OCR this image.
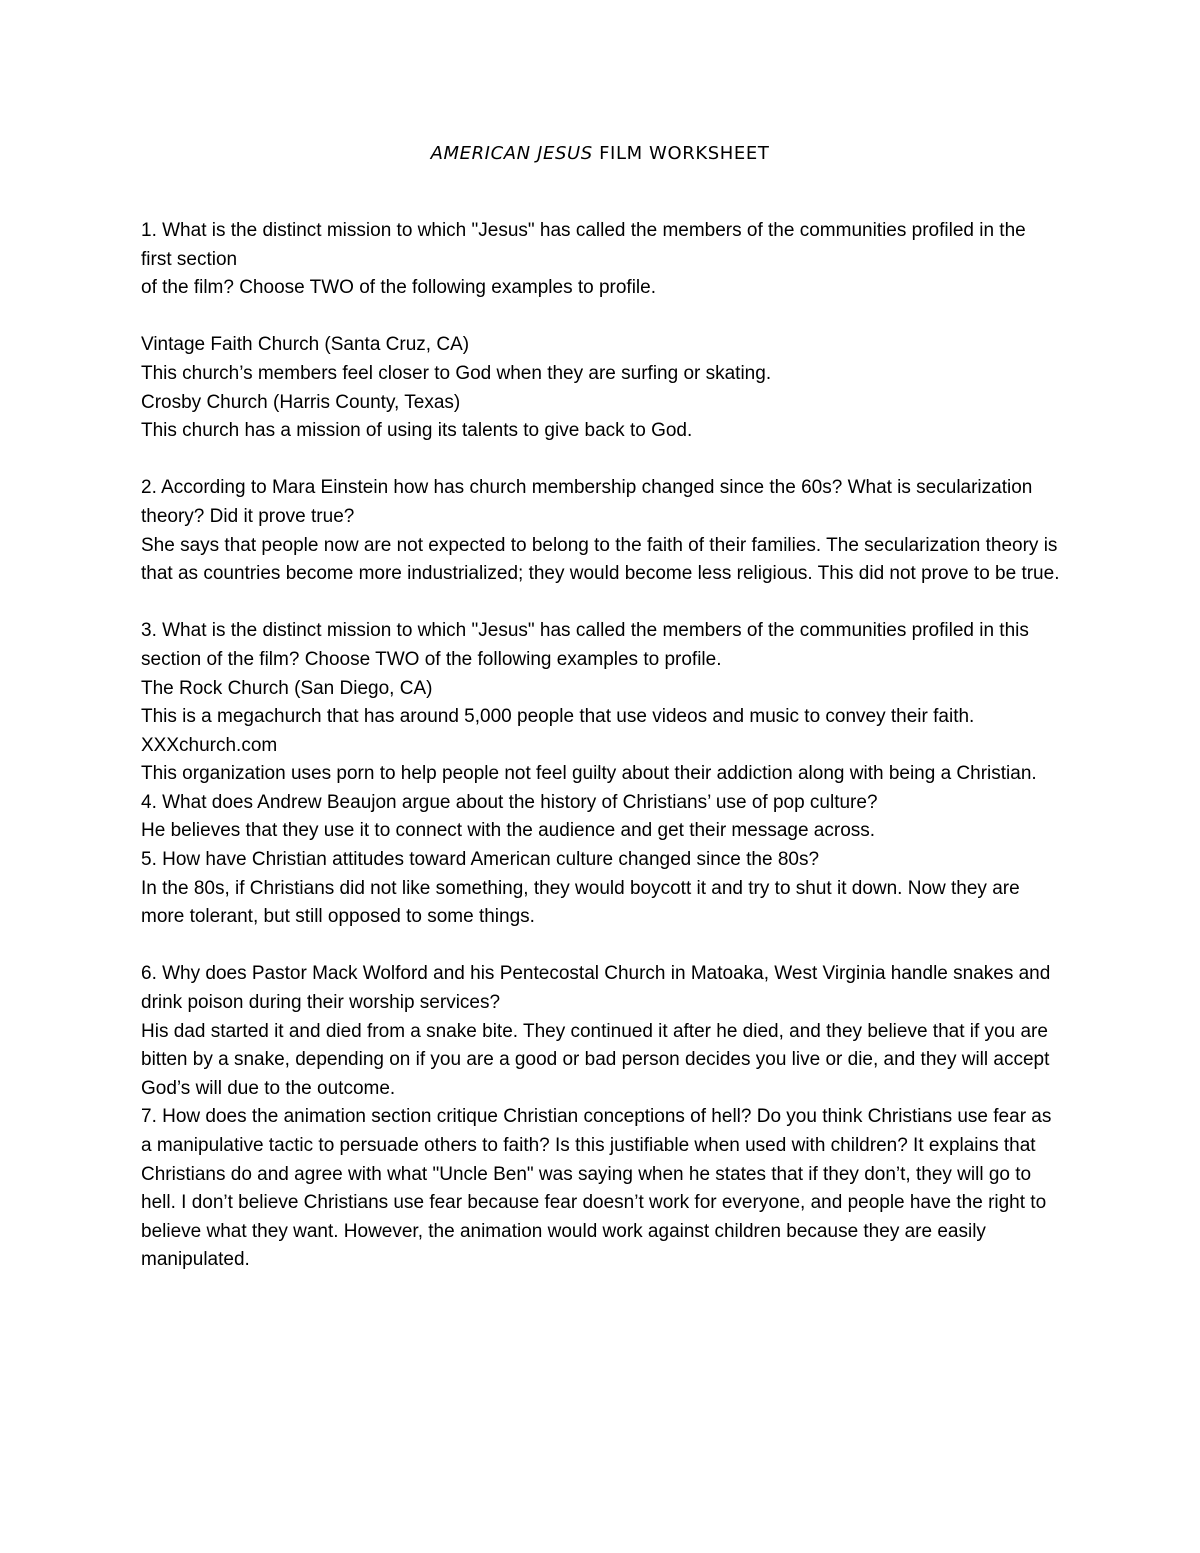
AMERICAN JESUS FILM WORKSHEET

1. What is the distinct mission to which "Jesus" has called the members of the communities profiled in the first section

of the film? Choose TWO of the following examples to profile.

Vintage Faith Church (Santa Cruz, CA)

This church’s members feel closer to God when they are surfing or skating.

Crosby Church (Harris County, Texas)

This church has a mission of using its talents to give back to God.

2. According to Mara Einstein how has church membership changed since the 60s? What is secularization theory? Did it prove true?

She says that people now are not expected to belong to the faith of their families. The secularization theory is that as countries become more industrialized; they would become less religious. This did not prove to be true.

3. What is the distinct mission to which "Jesus" has called the members of the communities profiled in this section of the film? Choose TWO of the following examples to profile.

The Rock Church (San Diego, CA)

This is a megachurch that has around 5,000 people that use videos and music to convey their faith.

XXXchurch.com

This organization uses porn to help people not feel guilty about their addiction along with being a Christian.

4. What does Andrew Beaujon argue about the history of Christians’ use of pop culture?

He believes that they use it to connect with the audience and get their message across.

5. How have Christian attitudes toward American culture changed since the 80s?

In the 80s, if Christians did not like something, they would boycott it and try to shut it down. Now they are more tolerant, but still opposed to some things.

6. Why does Pastor Mack Wolford and his Pentecostal Church in Matoaka, West Virginia handle snakes and drink poison during their worship services?

His dad started it and died from a snake bite. They continued it after he died, and they believe that if you are bitten by a snake, depending on if you are a good or bad person decides you live or die, and they will accept God’s will due to the outcome.

7. How does the animation section critique Christian conceptions of hell? Do you think Christians use fear as a manipulative tactic to persuade others to faith? Is this justifiable when used with children? It explains that Christians do and agree with what "Uncle Ben" was saying when he states that if they don’t, they will go to hell. I don’t believe Christians use fear because fear doesn’t work for everyone, and people have the right to believe what they want. However, the animation would work against children because they are easily manipulated.
